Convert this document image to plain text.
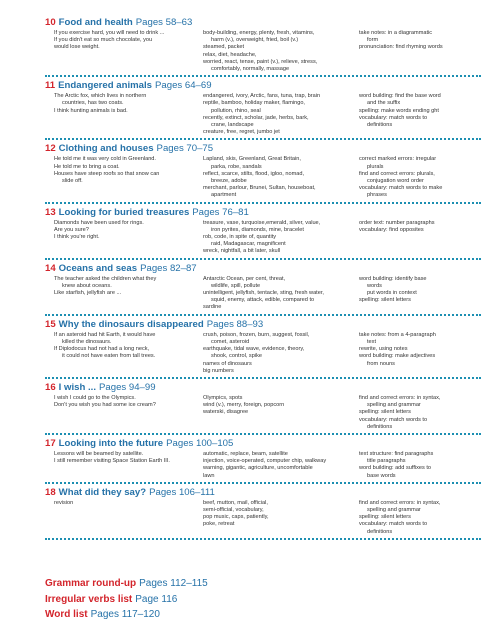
10 Food and health Pages 58–63
If you exercise hard, you will need to drink ...
If you didn't eat so much chocolate, you
would lose weight.
body-building, energy, plenty, fresh, vitamins,
harm (v.), overweight, fried, boil (v.)
steamed, packet
relax, diet, headache,
worried, react, tense, paint (v.), relieve, stress,
comfortably, normally, massage
take notes: in a diagrammatic
form
pronunciation: find rhyming words
11 Endangered animals Pages 64–69
The Arctic fox, which lives in northern
countries, has two coats.
I think hunting animals is bad.
endangered, ivory, Arctic, fans, tuna, trap, brain
reptile, bamboo, holiday maker, flamingo,
pollution, rhino, seal
recently, extinct, scholar, jade, herbs, bark,
crane, landscape
creature, free, regret, jumbo jet
word building: find the base word
and the suffix
spelling: make words ending ght
vocabulary: match words to
definitions
12 Clothing and houses Pages 70–75
He told me it was very cold in Greenland.
He told me to bring a coat.
Houses have steep roofs so that snow can
slide off.
Lapland, skis, Greenland, Great Britain,
parka, robe, sandals
reflect, scarce, stilts, flood, igloo, nomad,
breeze, adobe
merchant, parlour, Brunei, Sultan, houseboat,
apartment
correct marked errors: irregular
plurals
find and correct errors: plurals,
conjugation word order
vocabulary: match words to make
phrases
13 Looking for buried treasures Pages 76–81
Diamonds have been used for rings.
Are you sure?
I think you're right.
treasure, vase, turquoise,emerald, silver, value,
iron pyrites, diamonds, mine, bracelet
rob, code, in spite of, quantity
raid, Madagascar, magnificent
wreck, nightfall, a bit later, skull
order text: number paragraphs
vocabulary: find opposites
14 Oceans and seas Pages 82–87
The teacher asked the children what they
knew about oceans.
Like starfish, jellyfish are ...
Antarctic Ocean, per cent, threat,
wildlife, spill, pollute
unintelligent, jellyfish, tentacle, sting, fresh water,
squid, enemy, attack, edible, compared to
sardine
word building: identify base
words
put words in context
spelling: silent letters
15 Why the dinosaurs disappeared Pages 88–93
If an asteroid had hit Earth, it would have
killed the dinosaurs.
If Diplodocus had not had a long neck,
it could not have eaten from tall trees.
crush, poison, frozen, burn, suggest, fossil,
comet, asteroid
earthquake, tidal wave, evidence, theory,
shook, control, spike
names of dinosaurs
big numbers
take notes: from a 4-paragraph
text
rewrite, using notes
word building: make adjectives
from nouns
16 I wish ... Pages 94–99
I wish I could go to the Olympics.
Don't you wish you had some ice cream?
Olympics, spots
wind (v.), merry, foreign, popcorn
waterski, disagree
find and correct errors: in syntax,
spelling and grammar
spelling: silent letters
vocabulary: match words to
definitions
17 Looking into the future Pages 100–105
Lessons will be beamed by satellite.
I still remember visiting Space Station Earth III.
automatic, replace, beam, satellite
injection, voice-operated, computer chip, walkway
warning, gigantic, agriculture, uncomfortable
lawn
text structure: find paragraphs
title paragraphs
word building: add suffixes to
base words
18 What did they say? Pages 106–111
revision	beef, mutton, mail, official,
semi-official, vocabulary,
pop music, caps, patiently,
poke, retreat
find and correct errors: in syntax,
spelling and grammar
spelling: silent letters
vocabulary: match words to
definitions
Grammar round-up Pages 112–115
Irregular verbs list Page 116
Word list Pages 117–120
